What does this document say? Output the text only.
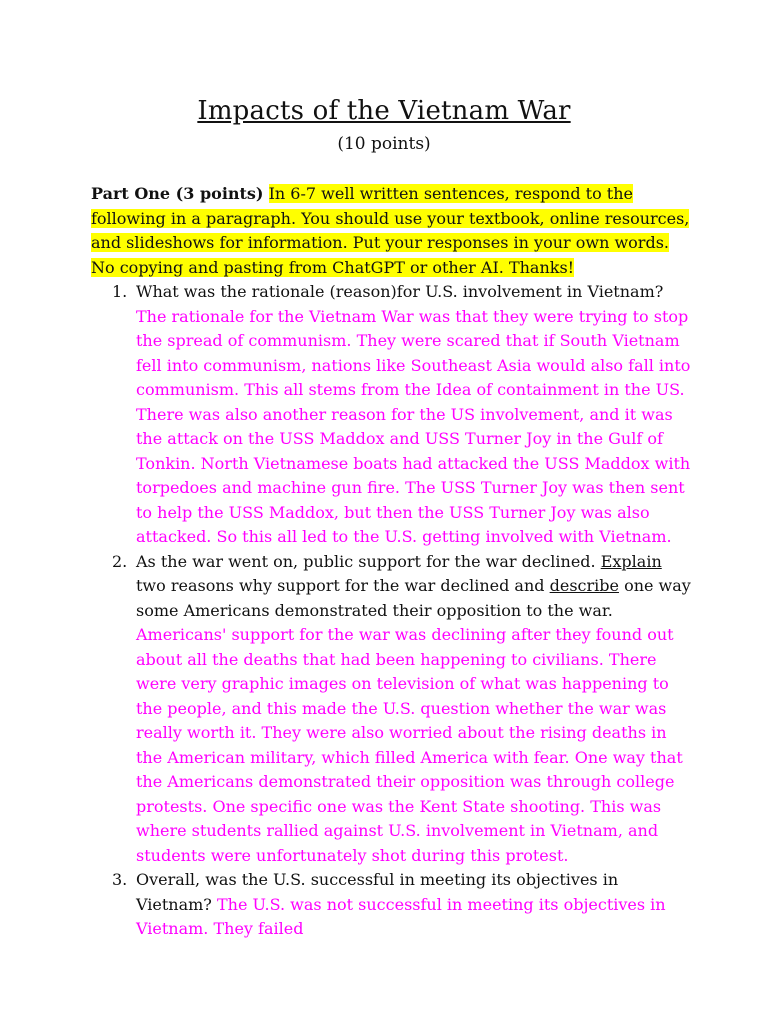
Impacts of the Vietnam War
(10 points)
Part One (3 points) In 6-7 well written sentences, respond to the following in a paragraph. You should use your textbook, online resources, and slideshows for information. Put your responses in your own words. No copying and pasting from ChatGPT or other AI. Thanks!
1. What was the rationale (reason)for U.S. involvement in Vietnam? The rationale for the Vietnam War was that they were trying to stop the spread of communism. They were scared that if South Vietnam fell into communism, nations like Southeast Asia would also fall into communism. This all stems from the Idea of containment in the US. There was also another reason for the US involvement, and it was the attack on the USS Maddox and USS Turner Joy in the Gulf of Tonkin. North Vietnamese boats had attacked the USS Maddox with torpedoes and machine gun fire. The USS Turner Joy was then sent to help the USS Maddox, but then the USS Turner Joy was also attacked. So this all led to the U.S. getting involved with Vietnam.
2. As the war went on, public support for the war declined. Explain two reasons why support for the war declined and describe one way some Americans demonstrated their opposition to the war. Americans' support for the war was declining after they found out about all the deaths that had been happening to civilians. There were very graphic images on television of what was happening to the people, and this made the U.S. question whether the war was really worth it. They were also worried about the rising deaths in the American military, which filled America with fear. One way that the Americans demonstrated their opposition was through college protests. One specific one was the Kent State shooting. This was where students rallied against U.S. involvement in Vietnam, and students were unfortunately shot during this protest.
3. Overall, was the U.S. successful in meeting its objectives in Vietnam? The U.S. was not successful in meeting its objectives in Vietnam. They failed
